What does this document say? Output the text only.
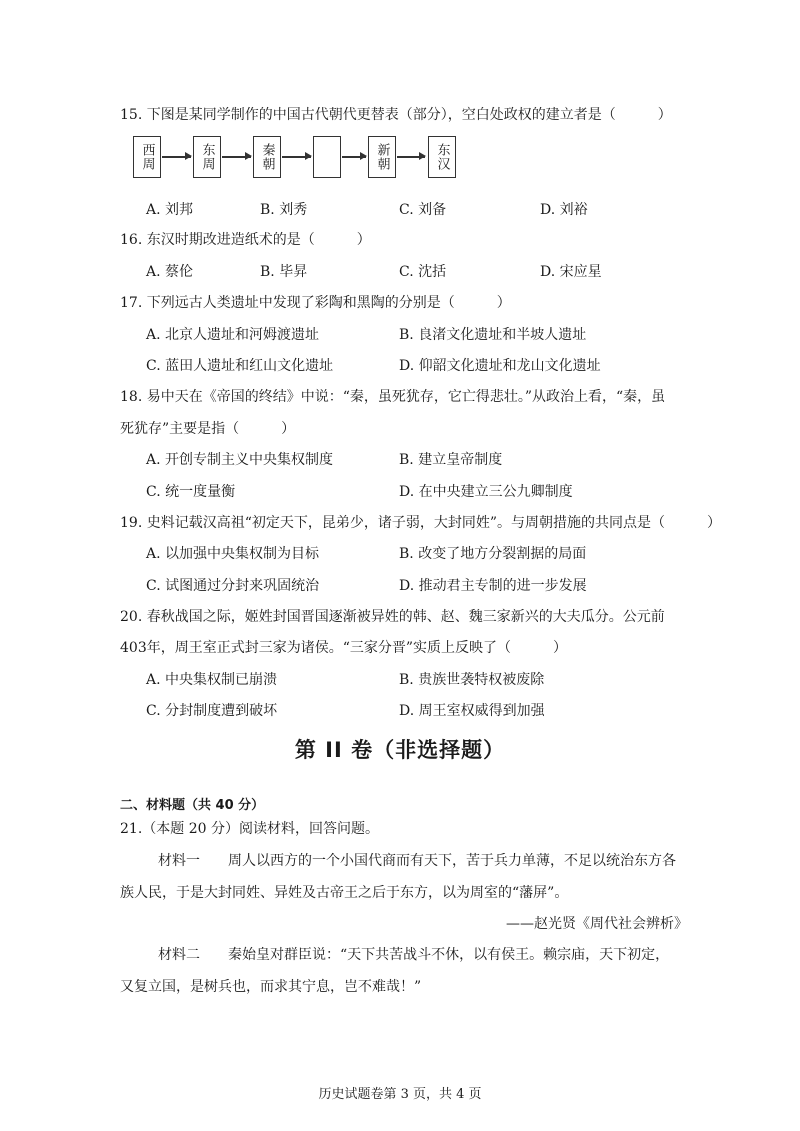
15. 下图是某同学制作的中国古代朝代更替表（部分），空白处政权的建立者是（　　　）
西周	东周	秦朝	新朝	东汉
A. 刘邦	B. 刘秀	C. 刘备	D. 刘裕
16. 东汉时期改进造纸术的是（　　　）
A. 蔡伦	B. 毕昇	C. 沈括	D. 宋应星
17. 下列远古人类遗址中发现了彩陶和黑陶的分别是（　　　）
A. 北京人遗址和河姆渡遗址	B. 良渚文化遗址和半坡人遗址
C. 蓝田人遗址和红山文化遗址	D. 仰韶文化遗址和龙山文化遗址
18. 易中天在《帝国的终结》中说：“秦，虽死犹存，它亡得悲壮。”从政治上看，“秦，虽
死犹存”主要是指（　　　）
A. 开创专制主义中央集权制度	B. 建立皇帝制度
C. 统一度量衡	D. 在中央建立三公九卿制度
19. 史料记载汉高祖“初定天下，昆弟少，诸子弱，大封同姓”。与周朝措施的共同点是（　　　）
A. 以加强中央集权制为目标	B. 改变了地方分裂割据的局面
C. 试图通过分封来巩固统治	D. 推动君主专制的进一步发展
20. 春秋战国之际，姬姓封国晋国逐渐被异姓的韩、赵、魏三家新兴的大夫瓜分。公元前
403年，周王室正式封三家为诸侯。“三家分晋”实质上反映了（　　　）
A. 中央集权制已崩溃	B. 贵族世袭特权被废除
C. 分封制度遭到破坏	D. 周王室权威得到加强
第 II 卷（非选择题）
二、材料题（共 40 分）
21.（本题 20 分）阅读材料，回答问题。
材料一　　周人以西方的一个小国代商而有天下，苦于兵力单薄，不足以统治东方各
族人民，于是大封同姓、异姓及古帝王之后于东方，以为周室的“藩屏”。
——赵光贤《周代社会辨析》
材料二　　秦始皇对群臣说：“天下共苦战斗不休，以有侯王。赖宗庙，天下初定，
又复立国，是树兵也，而求其宁息，岂不难哉！”
历史试题卷第 3 页，共 4 页
